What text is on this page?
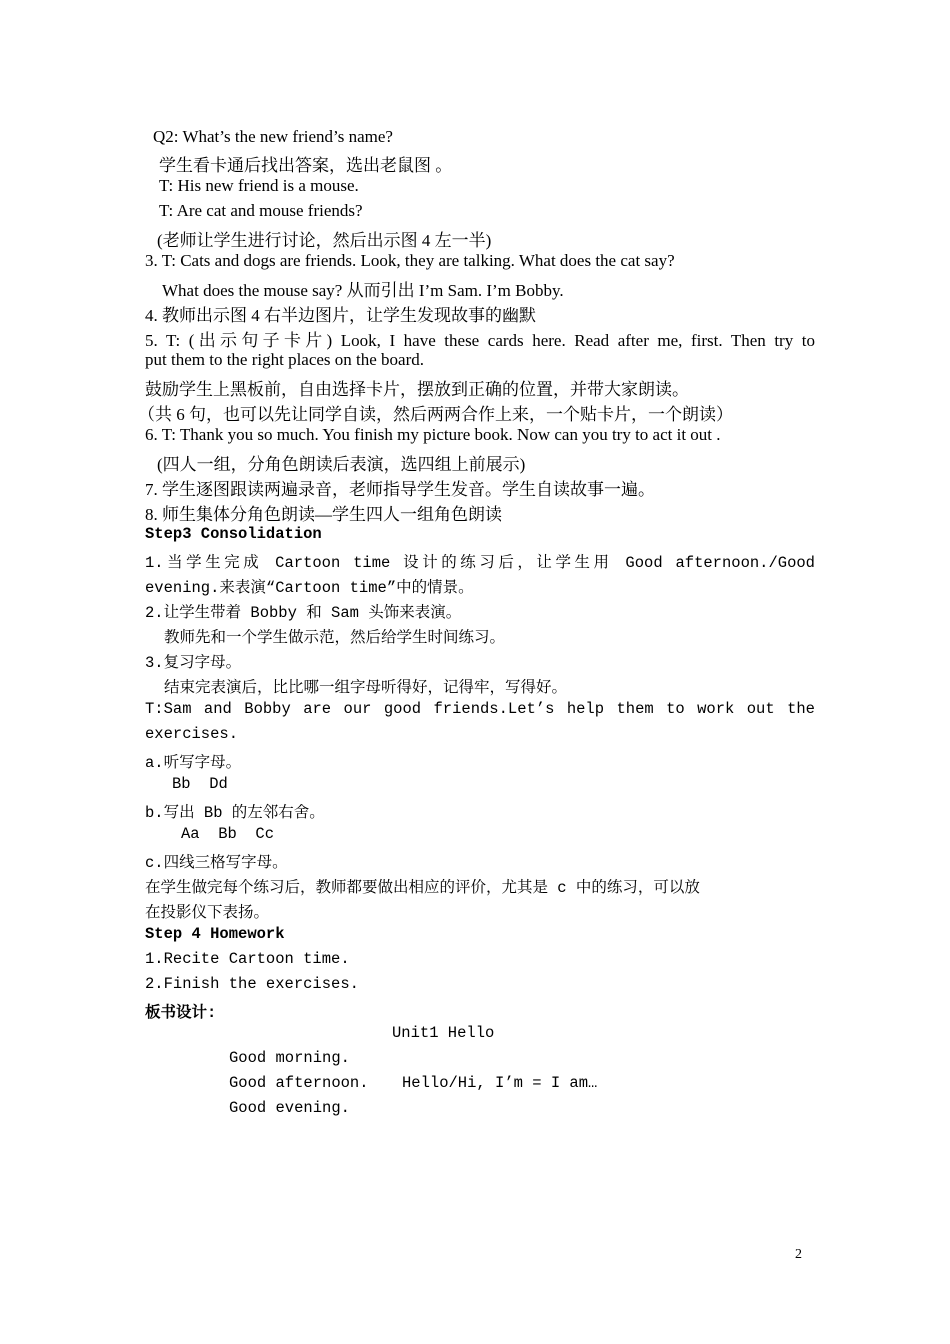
Q2: What’s the new friend’s name?
学生看卡通后找出答案，选出老鼠图 。
T: His new friend is a mouse.
T: Are cat and mouse friends?
(老师让学生进行讨论，然后出示图 4 左一半)
3. T: Cats and dogs are friends. Look, they are talking. What does the cat say?
What does the mouse say? 从而引出 I’m Sam. I’m Bobby.
4. 教师出示图 4 右半边图片，让学生发现故事的幽默
5. T: (出示句子卡片) Look, I have these cards here. Read after me, first. Then try to
put them to the right places on the board.
鼓励学生上黑板前，自由选择卡片，摆放到正确的位置，并带大家朗读。
（共 6 句，也可以先让同学自读，然后两两合作上来，一个贴卡片，一个朗读）
6. T: Thank you so much. You finish my picture book. Now can you try to act it out .
(四人一组，分角色朗读后表演，选四组上前展示)
7. 学生逐图跟读两遍录音，老师指导学生发音。学生自读故事一遍。
8. 师生集体分角色朗读—学生四人一组角色朗读
Step3 Consolidation
1.当学生完成 Cartoon time 设计的练习后，让学生用 Good afternoon./Good
evening.来表演“Cartoon time”中的情景。
2.让学生带着 Bobby 和 Sam 头饰来表演。
教师先和一个学生做示范，然后给学生时间练习。
3.复习字母。
结束完表演后，比比哪一组字母听得好，记得牢，写得好。
T:Sam and Bobby are our good friends.Let’s help them to work out the
exercises.
a.听写字母。
Bb  Dd
b.写出 Bb 的左邻右舍。
Aa  Bb  Cc
c.四线三格写字母。
在学生做完每个练习后，教师都要做出相应的评价，尤其是 c 中的练习，可以放
在投影仪下表扬。
Step 4 Homework
1.Recite Cartoon time.
2.Finish the exercises.
板书设计:
Unit1 Hello
Good morning.
Good afternoon. Hello/Hi, I’m = I am…
Good evening.
2
